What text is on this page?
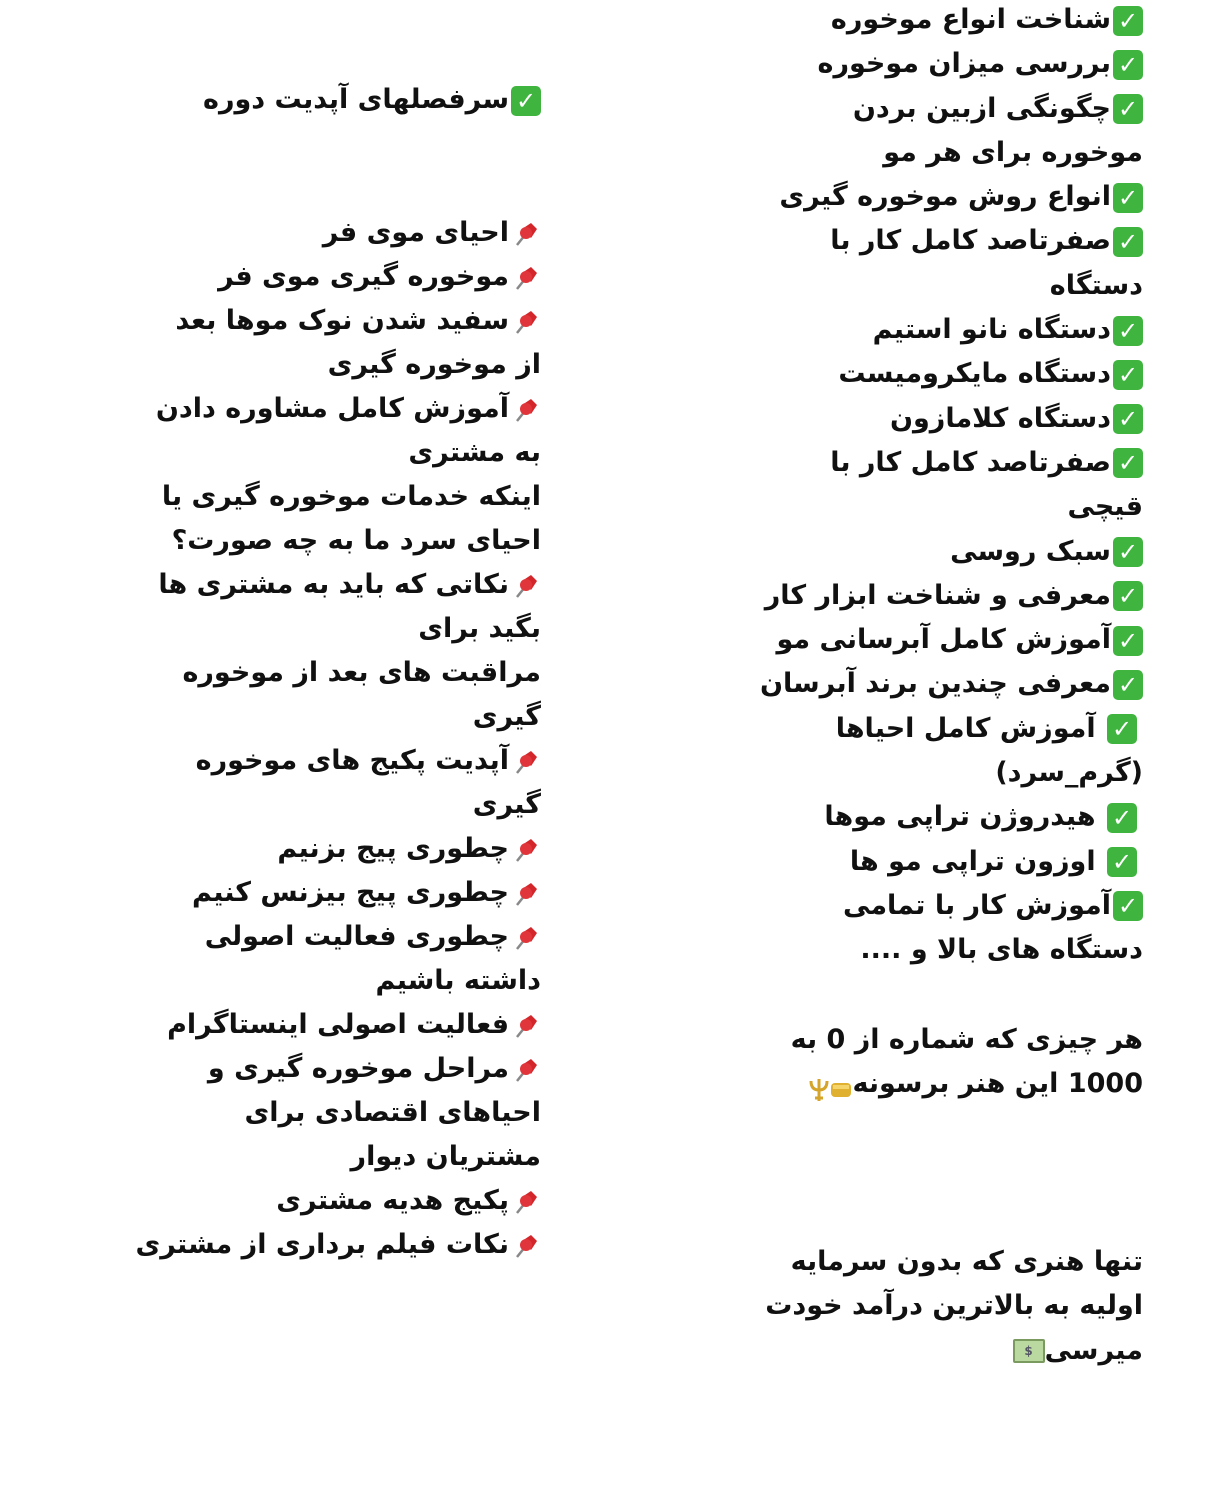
✓شناخت انواع موخوره
✓بررسی میزان موخوره
✓چگونگی ازبین بردن
موخوره برای هر مو
✓انواع روش موخوره گیری
✓صفرتاصد کامل کار با
دستگاه
✓دستگاه نانو استیم
✓دستگاه مایکرومیست
✓دستگاه کلامازون
✓صفرتاصد کامل کار با
قیچی
✓سبک روسی
✓معرفی و شناخت ابزار کار
✓آموزش کامل آبرسانی مو
✓معرفی چندین برند آبرسان
✓ آموزش کامل احیاها
(گرم_سرد)
✓ هیدروژن تراپی موها
✓ اوزون تراپی مو ها
✓آموزش کار با تمامی
دستگاه های بالا و ....
هر چیزی که شماره از 0 به
1000 این هنر برسونه
تنها هنری که بدون سرمایه
اولیه به بالاترین درآمد خودت
میرسی$
✓سرفصلهای آپدیت دوره
احیای موی فر
موخوره گیری موی فر
سفید شدن نوک موها بعد
از موخوره گیری
آموزش کامل مشاوره دادن
به مشتری
اینکه خدمات موخوره گیری یا
احیای سرد ما به چه صورت؟
نکاتی که باید به مشتری ها
بگید برای
مراقبت های بعد از موخوره
گیری
آپدیت پکیج های موخوره
گیری
چطوری پیج بزنیم
چطوری پیج بیزنس کنیم
چطوری فعالیت اصولی
داشته باشیم
فعالیت اصولی اینستاگرام
مراحل موخوره گیری و
احیاهای اقتصادی برای
مشتریان دیوار
پکیج هدیه مشتری
نکات فیلم برداری از مشتری
